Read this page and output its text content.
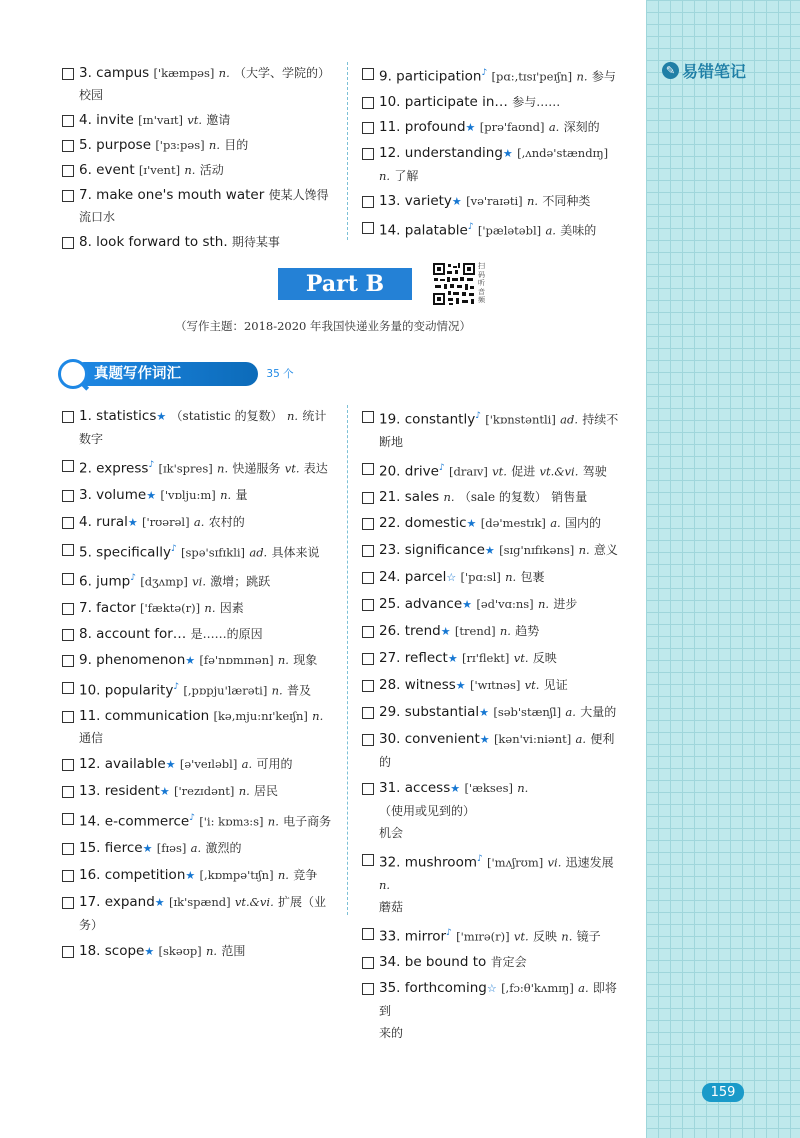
✎ 易错笔记
3. campus ['kæmpəs] n. （大学、学院的）
校园
4. invite [ɪn'vaɪt] vt. 邀请
5. purpose ['pɜ:pəs] n. 目的
6. event [ɪ'vent] n. 活动
7. make one's mouth water 使某人馋得
流口水
8. look forward to sth. 期待某事
9. participation♪ [pɑ:,tɪsɪ'peɪʃn] n. 参与
10. participate in… 参与……
11. profound★ [prə'faʊnd] a. 深刻的
12. understanding★ [,ʌndə'stændɪŋ]
n. 了解
13. variety★ [və'raɪəti] n. 不同种类
14. palatable♪ ['pælətəbl] a. 美味的
Part B
扫码听音频
（写作主题：2018-2020 年我国快递业务量的变动情况）
真题写作词汇	35 个
1. statistics★ （statistic 的复数） n. 统计
数字
2. express♪ [ɪk'spres] n. 快递服务 vt. 表达
3. volume★ ['vɒlju:m] n. 量
4. rural★ ['rʊərəl] a. 农村的
5. specifically♪ [spə'sɪfɪkli] ad. 具体来说
6. jump♪ [dʒʌmp] vi. 激增；跳跃
7. factor ['fæktə(r)] n. 因素
8. account for… 是……的原因
9. phenomenon★ [fə'nɒmɪnən] n. 现象
10. popularity♪ [,pɒpju'lærəti] n. 普及
11. communication [kə,mju:nɪ'keɪʃn] n.
通信
12. available★ [ə'veɪləbl] a. 可用的
13. resident★ ['rezɪdənt] n. 居民
14. e-commerce♪ ['i: kɒmɜ:s] n. 电子商务
15. fierce★ [fɪəs] a. 激烈的
16. competition★ [,kɒmpə'tɪʃn] n. 竞争
17. expand★ [ɪk'spænd] vt.&vi. 扩展（业务）
18. scope★ [skəʊp] n. 范围
19. constantly♪ ['kɒnstəntli] ad. 持续不断地
20. drive♪ [draɪv] vt. 促进 vt.&vi. 驾驶
21. sales n. （sale 的复数） 销售量
22. domestic★ [də'mestɪk] a. 国内的
23. significance★ [sɪg'nɪfɪkəns] n. 意义
24. parcel☆ ['pɑ:sl] n. 包裹
25. advance★ [əd'vɑ:ns] n. 进步
26. trend★ [trend] n. 趋势
27. reflect★ [rɪ'flekt] vt. 反映
28. witness★ ['wɪtnəs] vt. 见证
29. substantial★ [səb'stænʃl] a. 大量的
30. convenient★ [kən'vi:niənt] a. 便利的
31. access★ ['ækses] n. （使用或见到的）
机会
32. mushroom♪ ['mʌʃrʊm] vi. 迅速发展 n.
蘑菇
33. mirror♪ ['mɪrə(r)] vt. 反映 n. 镜子
34. be bound to 肯定会
35. forthcoming☆ [,fɔ:θ'kʌmɪŋ] a. 即将到
来的
159
